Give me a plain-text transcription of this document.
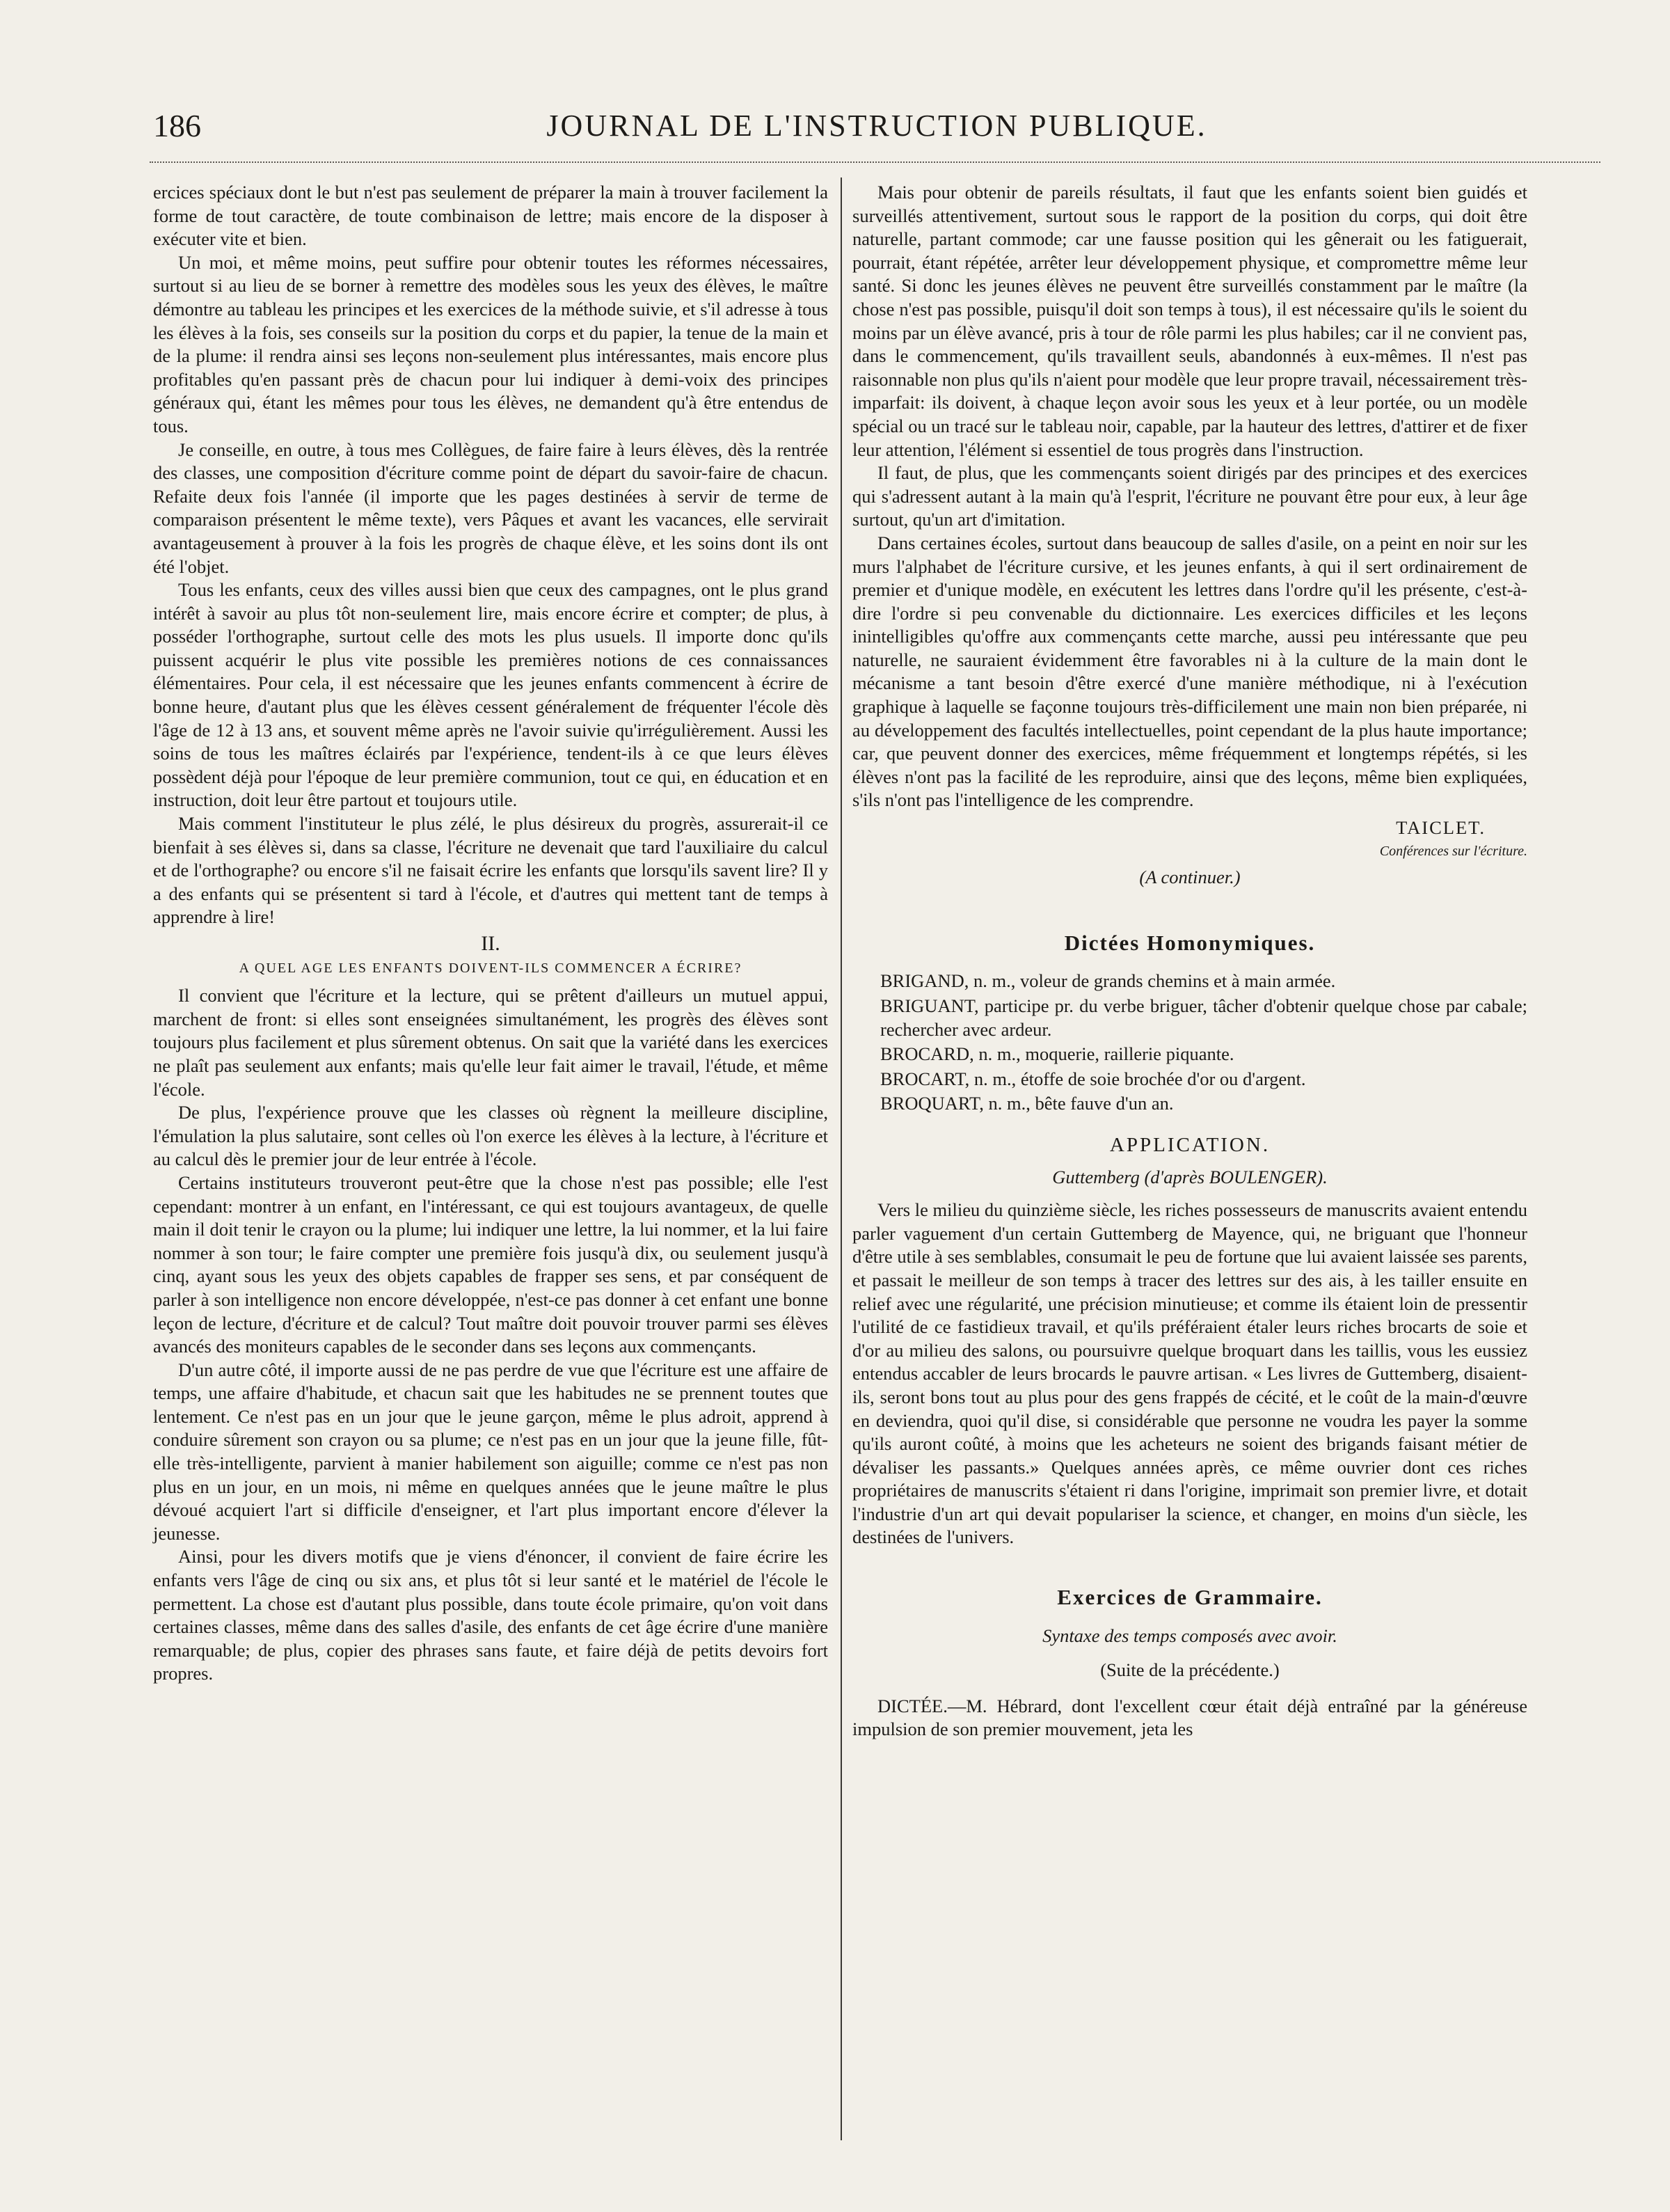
186	JOURNAL DE L'INSTRUCTION PUBLIQUE.

ercices spéciaux dont le but n'est pas seulement de préparer la main à trouver facilement la forme de tout caractère, de toute combinaison de lettre; mais encore de la disposer à exécuter vite et bien.

Un moi, et même moins, peut suffire pour obtenir toutes les réformes nécessaires, surtout si au lieu de se borner à remettre des modèles sous les yeux des élèves, le maître démontre au tableau les principes et les exercices de la méthode suivie, et s'il adresse à tous les élèves à la fois, ses conseils sur la position du corps et du papier, la tenue de la main et de la plume: il rendra ainsi ses leçons non-seulement plus intéressantes, mais encore plus profitables qu'en passant près de chacun pour lui indiquer à demi-voix des principes généraux qui, étant les mêmes pour tous les élèves, ne demandent qu'à être entendus de tous.

Je conseille, en outre, à tous mes Collègues, de faire faire à leurs élèves, dès la rentrée des classes, une composition d'écriture comme point de départ du savoir-faire de chacun. Refaite deux fois l'année (il importe que les pages destinées à servir de terme de comparaison présentent le même texte), vers Pâques et avant les vacances, elle servirait avantageusement à prouver à la fois les progrès de chaque élève, et les soins dont ils ont été l'objet.

Tous les enfants, ceux des villes aussi bien que ceux des campagnes, ont le plus grand intérêt à savoir au plus tôt non-seulement lire, mais encore écrire et compter; de plus, à posséder l'orthographe, surtout celle des mots les plus usuels. Il importe donc qu'ils puissent acquérir le plus vite possible les premières notions de ces connaissances élémentaires. Pour cela, il est nécessaire que les jeunes enfants commencent à écrire de bonne heure, d'autant plus que les élèves cessent généralement de fréquenter l'école dès l'âge de 12 à 13 ans, et souvent même après ne l'avoir suivie qu'irrégulièrement. Aussi les soins de tous les maîtres éclairés par l'expérience, tendent-ils à ce que leurs élèves possèdent déjà pour l'époque de leur première communion, tout ce qui, en éducation et en instruction, doit leur être partout et toujours utile.

Mais comment l'instituteur le plus zélé, le plus désireux du progrès, assurerait-il ce bienfait à ses élèves si, dans sa classe, l'écriture ne devenait que tard l'auxiliaire du calcul et de l'orthographe? ou encore s'il ne faisait écrire les enfants que lorsqu'ils savent lire? Il y a des enfants qui se présentent si tard à l'école, et d'autres qui mettent tant de temps à apprendre à lire!

II.
A QUEL AGE LES ENFANTS DOIVENT-ILS COMMENCER A ÉCRIRE?

Il convient que l'écriture et la lecture, qui se prêtent d'ailleurs un mutuel appui, marchent de front: si elles sont enseignées simultanément, les progrès des élèves sont toujours plus facilement et plus sûrement obtenus. On sait que la variété dans les exercices ne plaît pas seulement aux enfants; mais qu'elle leur fait aimer le travail, l'étude, et même l'école.

De plus, l'expérience prouve que les classes où règnent la meilleure discipline, l'émulation la plus salutaire, sont celles où l'on exerce les élèves à la lecture, à l'écriture et au calcul dès le premier jour de leur entrée à l'école.

Certains instituteurs trouveront peut-être que la chose n'est pas possible; elle l'est cependant: montrer à un enfant, en l'intéressant, ce qui est toujours avantageux, de quelle main il doit tenir le crayon ou la plume; lui indiquer une lettre, la lui nommer, et la lui faire nommer à son tour; le faire compter une première fois jusqu'à dix, ou seulement jusqu'à cinq, ayant sous les yeux des objets capables de frapper ses sens, et par conséquent de parler à son intelligence non encore développée, n'est-ce pas donner à cet enfant une bonne leçon de lecture, d'écriture et de calcul? Tout maître doit pouvoir trouver parmi ses élèves avancés des moniteurs capables de le seconder dans ses leçons aux commençants.

D'un autre côté, il importe aussi de ne pas perdre de vue que l'écriture est une affaire de temps, une affaire d'habitude, et chacun sait que les habitudes ne se prennent toutes que lentement. Ce n'est pas en un jour que le jeune garçon, même le plus adroit, apprend à conduire sûrement son crayon ou sa plume; ce n'est pas en un jour que la jeune fille, fût-elle très-intelligente, parvient à manier habilement son aiguille; comme ce n'est pas non plus en un jour, en un mois, ni même en quelques années que le jeune maître le plus dévoué acquiert l'art si difficile d'enseigner, et l'art plus important encore d'élever la jeunesse.

Ainsi, pour les divers motifs que je viens d'énoncer, il convient de faire écrire les enfants vers l'âge de cinq ou six ans, et plus tôt si leur santé et le matériel de l'école le permettent. La chose est d'autant plus possible, dans toute école primaire, qu'on voit dans certaines classes, même dans des salles d'asile, des enfants de cet âge écrire d'une manière remarquable; de plus, copier des phrases sans faute, et faire déjà de petits devoirs fort propres.

Mais pour obtenir de pareils résultats, il faut que les enfants soient bien guidés et surveillés attentivement, surtout sous le rapport de la position du corps, qui doit être naturelle, partant commode; car une fausse position qui les gênerait ou les fatiguerait, pourrait, étant répétée, arrêter leur développement physique, et compromettre même leur santé. Si donc les jeunes élèves ne peuvent être surveillés constamment par le maître (la chose n'est pas possible, puisqu'il doit son temps à tous), il est nécessaire qu'ils le soient du moins par un élève avancé, pris à tour de rôle parmi les plus habiles; car il ne convient pas, dans le commencement, qu'ils travaillent seuls, abandonnés à eux-mêmes. Il n'est pas raisonnable non plus qu'ils n'aient pour modèle que leur propre travail, nécessairement très-imparfait: ils doivent, à chaque leçon avoir sous les yeux et à leur portée, ou un modèle spécial ou un tracé sur le tableau noir, capable, par la hauteur des lettres, d'attirer et de fixer leur attention, l'élément si essentiel de tous progrès dans l'instruction.

Il faut, de plus, que les commençants soient dirigés par des principes et des exercices qui s'adressent autant à la main qu'à l'esprit, l'écriture ne pouvant être pour eux, à leur âge surtout, qu'un art d'imitation.

Dans certaines écoles, surtout dans beaucoup de salles d'asile, on a peint en noir sur les murs l'alphabet de l'écriture cursive, et les jeunes enfants, à qui il sert ordinairement de premier et d'unique modèle, en exécutent les lettres dans l'ordre qu'il les présente, c'est-à-dire l'ordre si peu convenable du dictionnaire. Les exercices difficiles et les leçons inintelligibles qu'offre aux commençants cette marche, aussi peu intéressante que peu naturelle, ne sauraient évidemment être favorables ni à la culture de la main dont le mécanisme a tant besoin d'être exercé d'une manière méthodique, ni à l'exécution graphique à laquelle se façonne toujours très-difficilement une main non bien préparée, ni au développement des facultés intellectuelles, point cependant de la plus haute importance; car, que peuvent donner des exercices, même fréquemment et longtemps répétés, si les élèves n'ont pas la facilité de les reproduire, ainsi que des leçons, même bien expliquées, s'ils n'ont pas l'intelligence de les comprendre.

TAICLET.
Conférences sur l'écriture.
(A continuer.)
Dictées Homonymiques.

BRIGAND, n. m., voleur de grands chemins et à main armée.

BRIGUANT, participe pr. du verbe briguer, tâcher d'obtenir quelque chose par cabale; rechercher avec ardeur.

BROCARD, n. m., moquerie, raillerie piquante.

BROCART, n. m., étoffe de soie brochée d'or ou d'argent.

BROQUART, n. m., bête fauve d'un an.

APPLICATION.
Guttemberg (d'après BOULENGER).

Vers le milieu du quinzième siècle, les riches possesseurs de manuscrits avaient entendu parler vaguement d'un certain Guttemberg de Mayence, qui, ne briguant que l'honneur d'être utile à ses semblables, consumait le peu de fortune que lui avaient laissée ses parents, et passait le meilleur de son temps à tracer des lettres sur des ais, à les tailler ensuite en relief avec une régularité, une précision minutieuse; et comme ils étaient loin de pressentir l'utilité de ce fastidieux travail, et qu'ils préféraient étaler leurs riches brocarts de soie et d'or au milieu des salons, ou poursuivre quelque broquart dans les taillis, vous les eussiez entendus accabler de leurs brocards le pauvre artisan. « Les livres de Guttemberg, disaient-ils, seront bons tout au plus pour des gens frappés de cécité, et le coût de la main-d'œuvre en deviendra, quoi qu'il dise, si considérable que personne ne voudra les payer la somme qu'ils auront coûté, à moins que les acheteurs ne soient des brigands faisant métier de dévaliser les passants.» Quelques années après, ce même ouvrier dont ces riches propriétaires de manuscrits s'étaient ri dans l'origine, imprimait son premier livre, et dotait l'industrie d'un art qui devait populariser la science, et changer, en moins d'un siècle, les destinées de l'univers.

Exercices de Grammaire.
Syntaxe des temps composés avec avoir.
(Suite de la précédente.)

DICTÉE.—M. Hébrard, dont l'excellent cœur était déjà entraîné par la généreuse impulsion de son premier mouvement, jeta les
